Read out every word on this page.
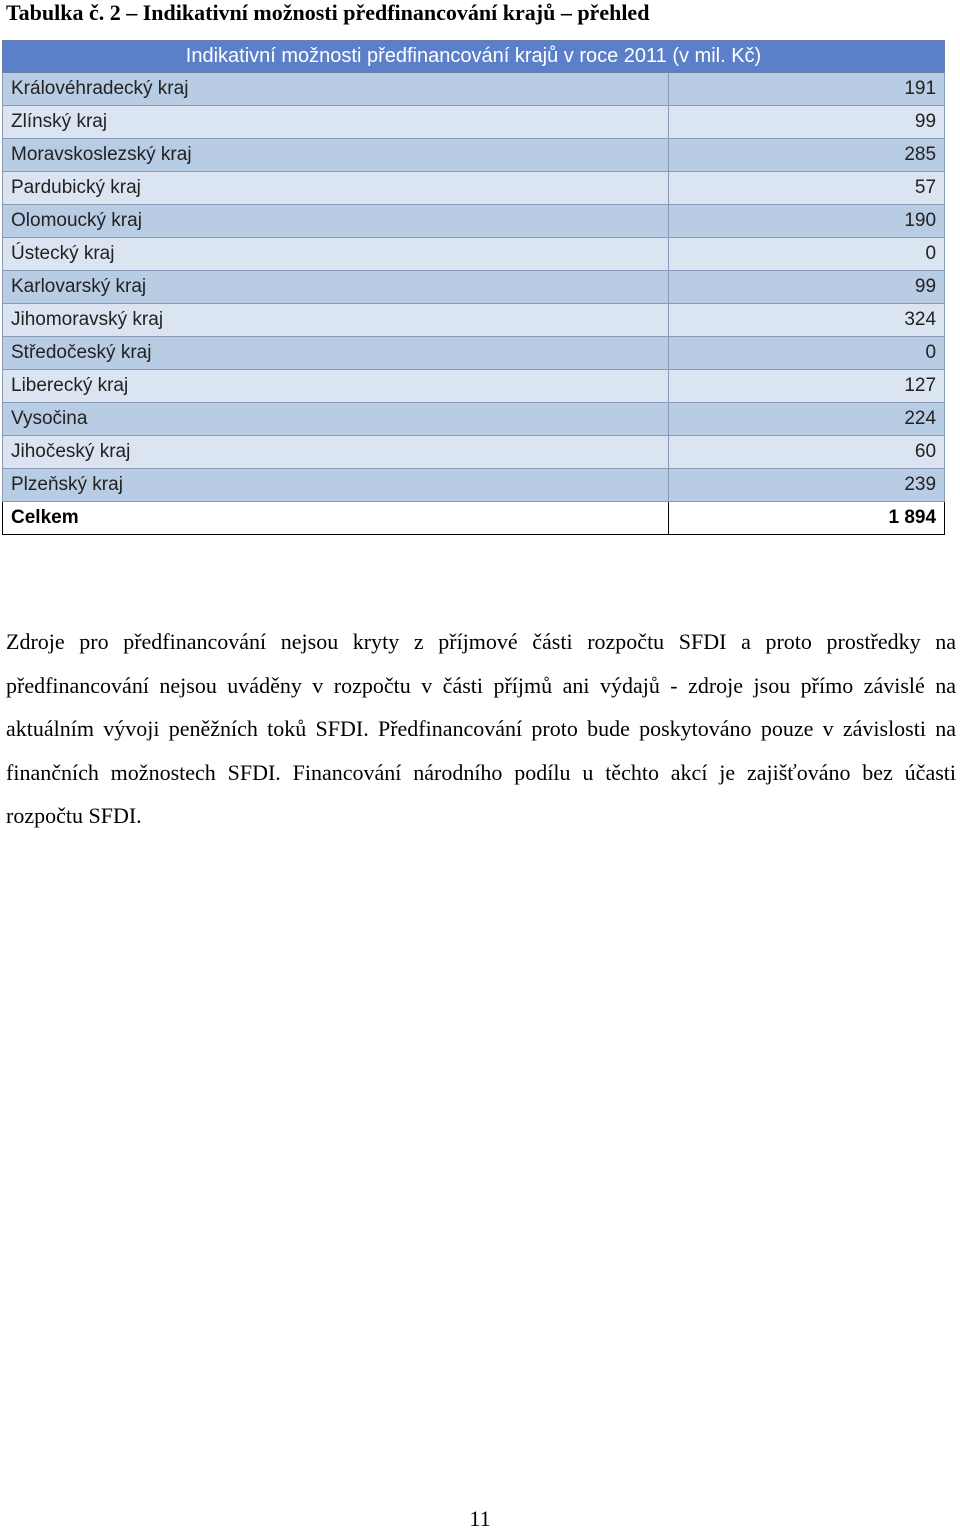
Tabulka č. 2 – Indikativní možnosti předfinancování krajů – přehled
Indikativní možnosti předfinancování krajů v roce 2011 (v mil. Kč)	
Královéhradecký kraj	191
Zlínský kraj	99
Moravskoslezský kraj	285
Pardubický kraj	57
Olomoucký kraj	190
Ústecký kraj	0
Karlovarský kraj	99
Jihomoravský kraj	324
Středočeský kraj	0
Liberecký kraj	127
Vysočina	224
Jihočeský kraj	60
Plzeňský kraj	239
Celkem	1 894
Zdroje pro předfinancování nejsou kryty z příjmové části rozpočtu SFDI a proto prostředky na předfinancování nejsou uváděny v rozpočtu v části příjmů ani výdajů - zdroje jsou přímo závislé na aktuálním vývoji peněžních toků SFDI. Předfinancování proto bude poskytováno pouze v závislosti na finančních možnostech SFDI. Financování národního podílu u těchto akcí je zajišťováno bez účasti rozpočtu SFDI.
11
